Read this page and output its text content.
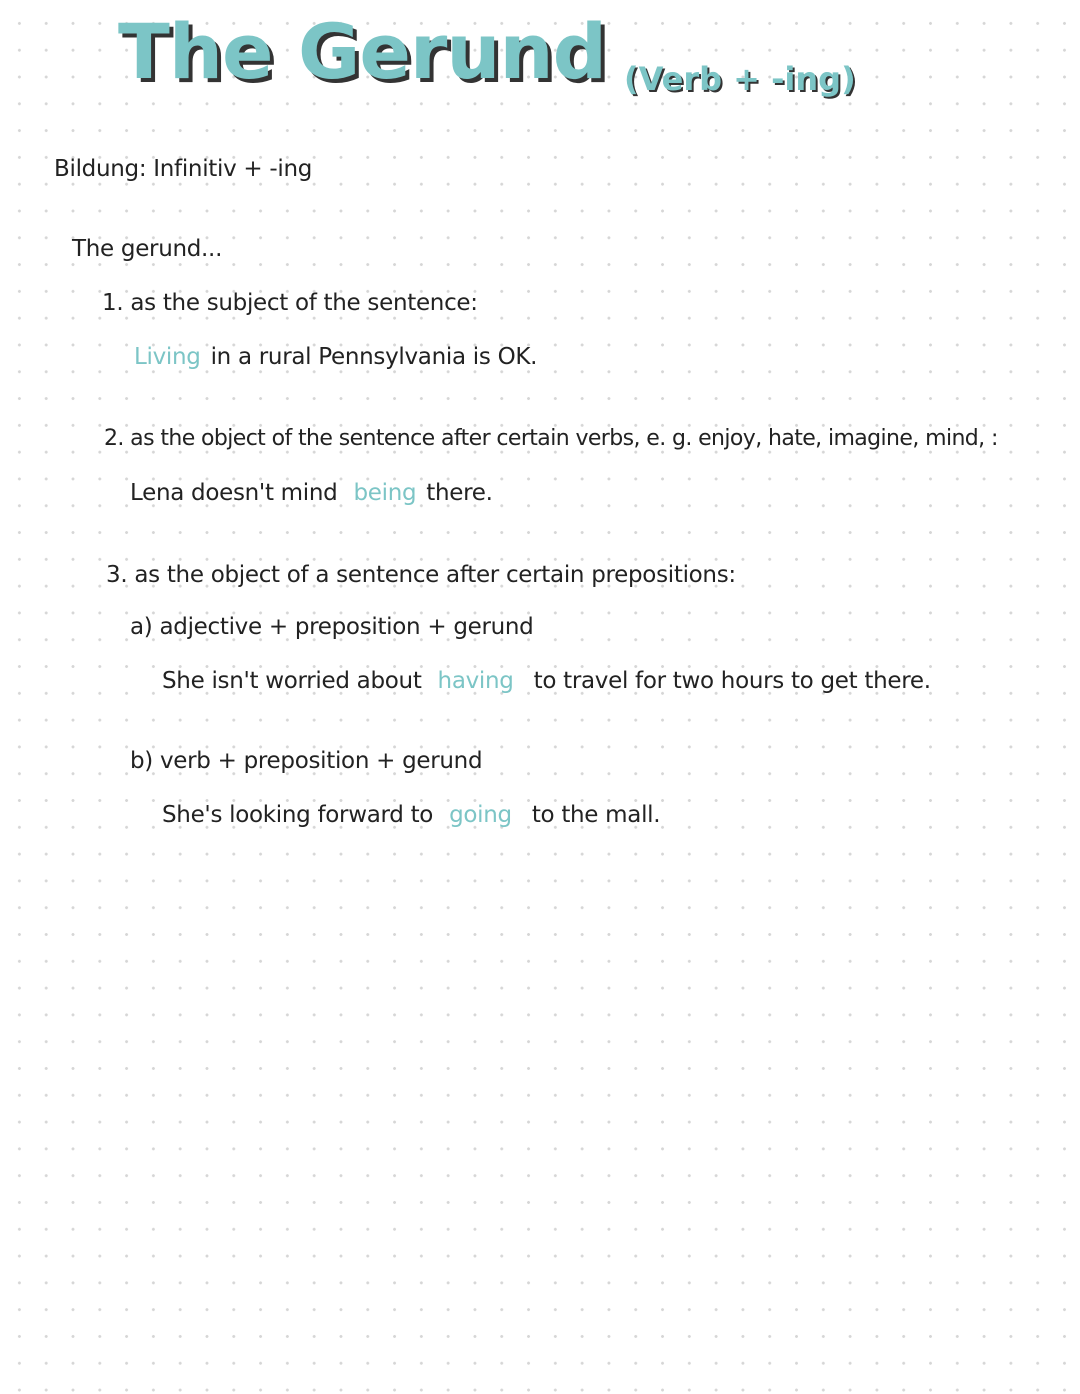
The Gerund (Verb + -ing)
Bildung: Infinitiv + -ing
The gerund...
1. as the subject of the sentence:
Living in a rural Pennsylvania is OK.
2. as the object of the sentence after certain verbs, e. g. enjoy, hate, imagine, mind, :
Lena doesn't mind being there.
3. as the object of a sentence after certain prepositions:
a) adjective + preposition + gerund
She isn't worried about having to travel for two hours to get there.
b) verb + preposition + gerund
She's looking forward to going to the mall.
